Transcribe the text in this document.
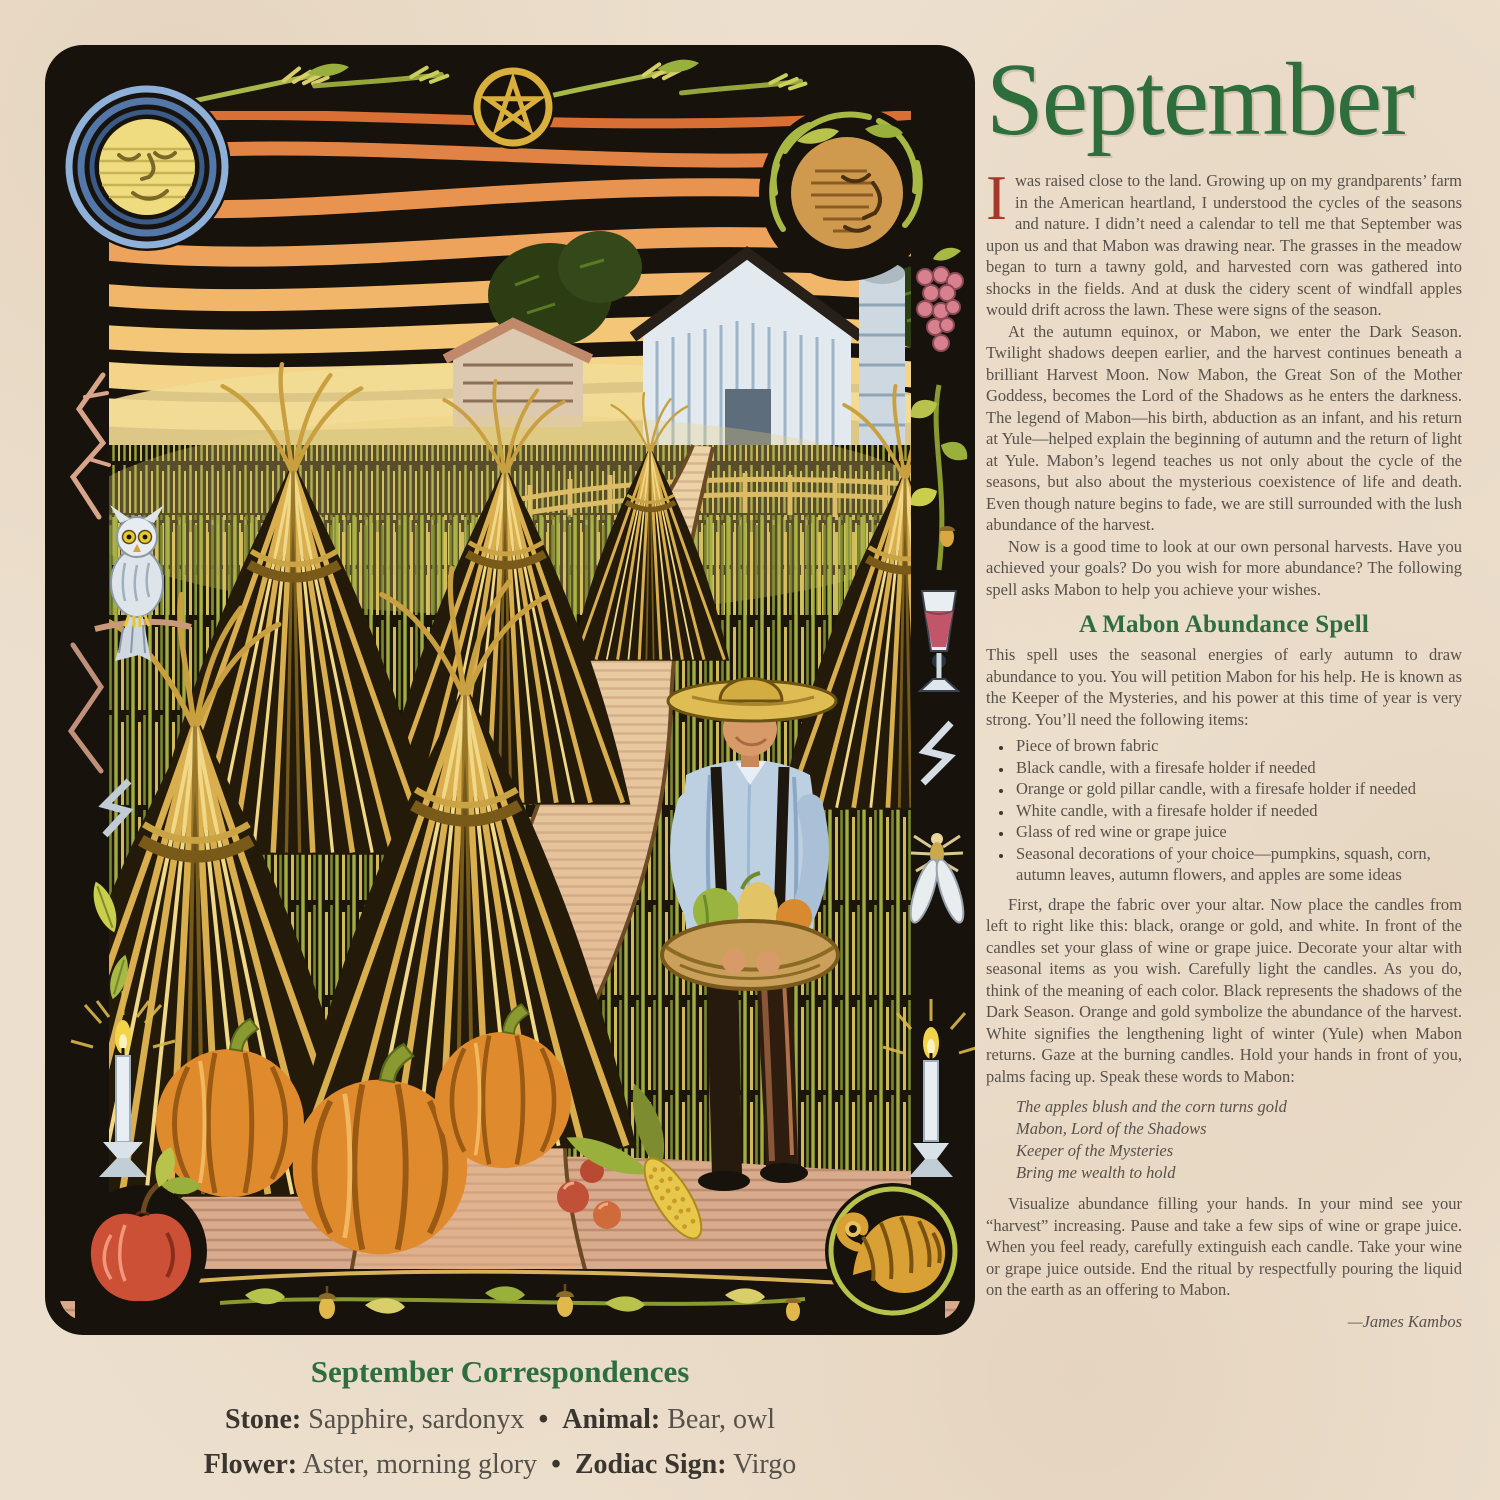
September Correspondences

Stone: Sapphire, sardonyx • Animal: Bear, owl

Flower: Aster, morning glory • Zodiac Sign: Virgo

September

Iwas raised close to the land. Growing up on my grandparents’ farm in the American heartland, I understood the cycles of the seasons and nature. I didn’t need a calendar to tell me that September was upon us and that Mabon was drawing near. The grasses in the meadow began to turn a tawny gold, and harvested corn was gathered into shocks in the fields. And at dusk the cidery scent of windfall apples would drift across the lawn. These were signs of the season.

At the autumn equinox, or Mabon, we enter the Dark Season. Twilight shadows deepen earlier, and the harvest continues beneath a brilliant Harvest Moon. Now Mabon, the Great Son of the Mother Goddess, becomes the Lord of the Shadows as he enters the darkness. The legend of Mabon—his birth, abduction as an infant, and his return at Yule—helped explain the beginning of autumn and the return of light at Yule. Mabon’s legend teaches us not only about the cycle of the seasons, but also about the mysterious coexistence of life and death. Even though nature begins to fade, we are still surrounded with the lush abundance of the harvest.

Now is a good time to look at our own personal harvests. Have you achieved your goals? Do you wish for more abundance? The following spell asks Mabon to help you achieve your wishes.

A Mabon Abundance Spell

This spell uses the seasonal energies of early autumn to draw abundance to you. You will petition Mabon for his help. He is known as the Keeper of the Mysteries, and his power at this time of year is very strong. You’ll need the following items:

• Piece of brown fabric
• Black candle, with a firesafe holder if needed
• Orange or gold pillar candle, with a firesafe holder if needed
• White candle, with a firesafe holder if needed
• Glass of red wine or grape juice
• Seasonal decorations of your choice—pumpkins, squash, corn, autumn leaves, autumn flowers, and apples are some ideas

First, drape the fabric over your altar. Now place the candles from left to right like this: black, orange or gold, and white. In front of the candles set your glass of wine or grape juice. Decorate your altar with seasonal items as you wish. Carefully light the candles. As you do, think of the meaning of each color. Black represents the shadows of the Dark Season. Orange and gold symbolize the abundance of the harvest. White signifies the lengthening light of winter (Yule) when Mabon returns. Gaze at the burning candles. Hold your hands in front of you, palms facing up. Speak these words to Mabon:

The apples blush and the corn turns gold
Mabon, Lord of the Shadows
Keeper of the Mysteries
Bring me wealth to hold

Visualize abundance filling your hands. In your mind see your “harvest” increasing. Pause and take a few sips of wine or grape juice. When you feel ready, carefully extinguish each candle. Take your wine or grape juice outside. End the ritual by respectfully pouring the liquid on the earth as an offering to Mabon.

—James Kambos
